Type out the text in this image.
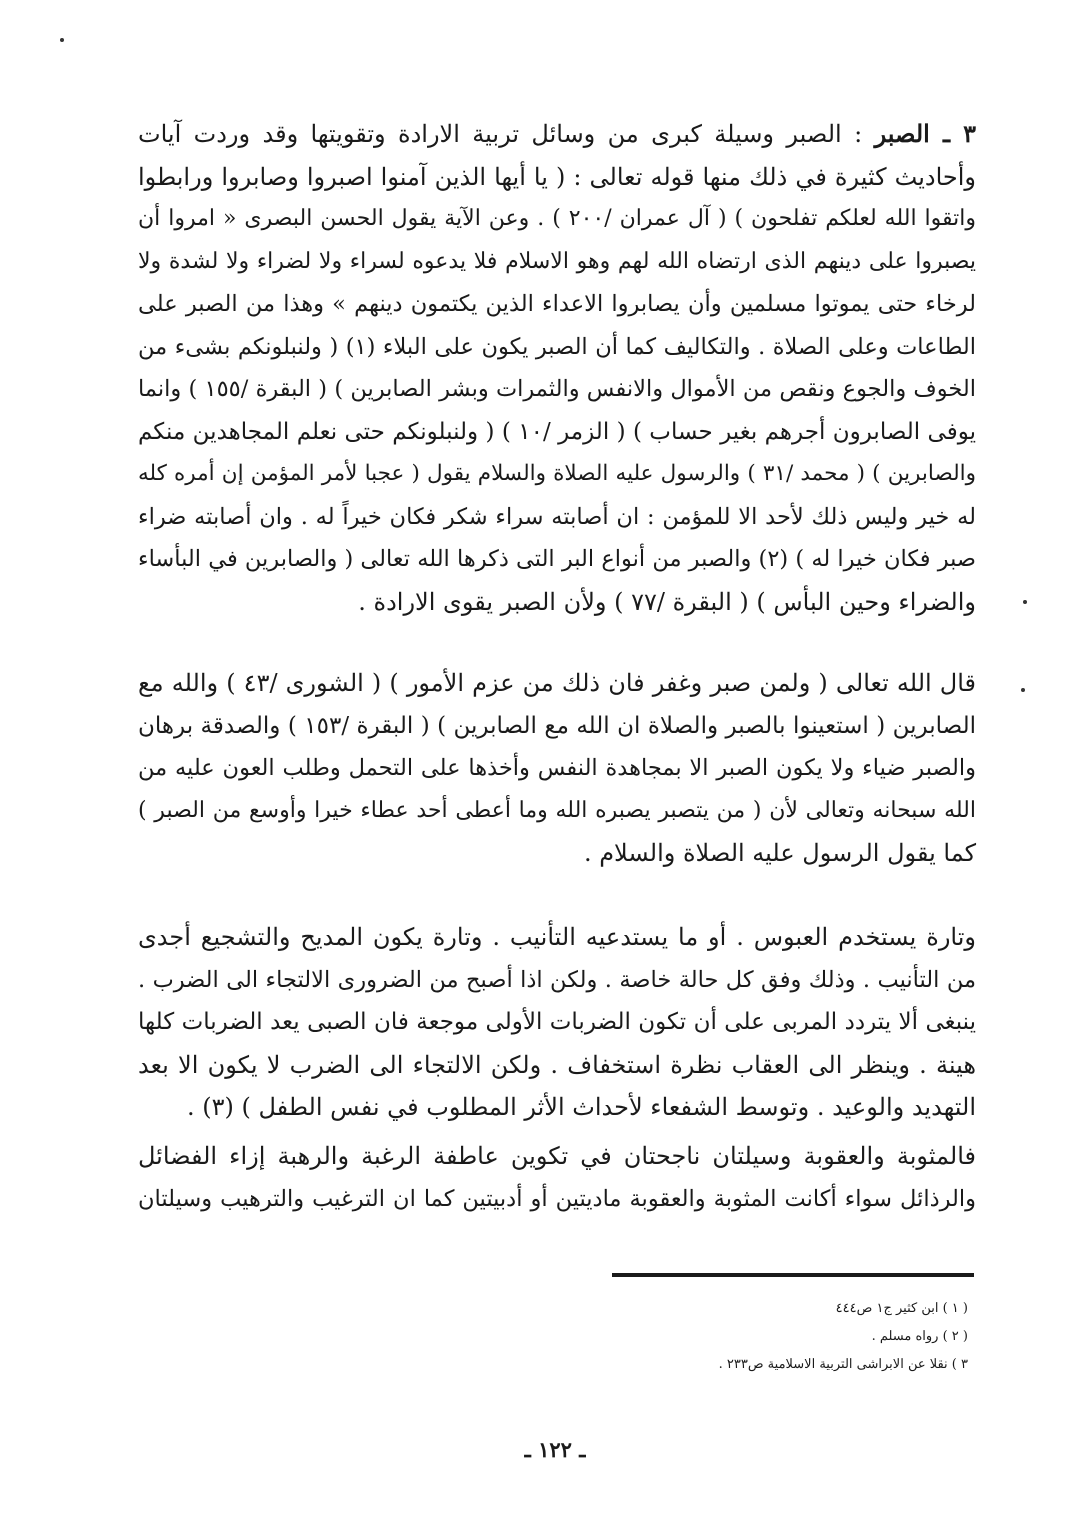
٣ ـ الصبر : الصبر وسيلة كبرى من وسائل تربية الارادة وتقويتها وقد وردت آيات
وأحاديث كثيرة في ذلك منها قوله تعالى : ( يا أيها الذين آمنوا اصبروا وصابروا ورابطوا
واتقوا الله لعلكم تفلحون ) ( آل عمران /٢٠٠ ) . وعن الآية يقول الحسن البصرى « امروا أن
يصبروا على دينهم الذى ارتضاه الله لهم وهو الاسلام فلا يدعوه لسراء ولا لضراء ولا لشدة ولا
لرخاء حتى يموتوا مسلمين وأن يصابروا الاعداء الذين يكتمون دينهم » وهذا من الصبر على
الطاعات وعلى الصلاة . والتكاليف كما أن الصبر يكون على البلاء (١) ( ولنبلونكم بشىء من
الخوف والجوع ونقص من الأموال والانفس والثمرات وبشر الصابرين ) ( البقرة /١٥٥ ) وانما
يوفى الصابرون أجرهم بغير حساب ) ( الزمر /١٠ ) ( ولنبلونكم حتى نعلم المجاهدين منكم
والصابرين ) ( محمد /٣١ ) والرسول عليه الصلاة والسلام يقول ( عجبا لأمر المؤمن إن أمره كله
له خير وليس ذلك لأحد الا للمؤمن : ان أصابته سراء شكر فكان خيراً له . وان أصابته ضراء
صبر فكان خيرا له ) (٢) والصبر من أنواع البر التى ذكرها الله تعالى ( والصابرين في البأساء
والضراء وحين البأس ) ( البقرة /٧٧ ) ولأن الصبر يقوى الارادة .
قال الله تعالى ( ولمن صبر وغفر فان ذلك من عزم الأمور ) ( الشورى /٤٣ ) والله مع
الصابرين ( استعينوا بالصبر والصلاة ان الله مع الصابرين ) ( البقرة /١٥٣ ) والصدقة برهان
والصبر ضياء ولا يكون الصبر الا بمجاهدة النفس وأخذها على التحمل وطلب العون عليه من
الله سبحانه وتعالى لأن ( من يتصبر يصبره الله وما أعطى أحد عطاء خيرا وأوسع من الصبر )
كما يقول الرسول عليه الصلاة والسلام .
وتارة يستخدم العبوس . أو ما يستدعيه التأنيب . وتارة يكون المديح والتشجيع أجدى
من التأنيب . وذلك وفق كل حالة خاصة . ولكن اذا أصبح من الضرورى الالتجاء الى الضرب .
ينبغى ألا يتردد المربى على أن تكون الضربات الأولى موجعة فان الصبى يعد الضربات كلها
هينة . وينظر الى العقاب نظرة استخفاف . ولكن الالتجاء الى الضرب لا يكون الا بعد
التهديد والوعيد . وتوسط الشفعاء لأحداث الأثر المطلوب في نفس الطفل ) (٣) .
فالمثوبة والعقوبة وسيلتان ناجحتان في تكوين عاطفة الرغبة والرهبة إزاء الفضائل
والرذائل سواء أكانت المثوبة والعقوبة ماديتين أو أدبيتين كما ان الترغيب والترهيب وسيلتان
( ١ ) ابن كثير ج١ ص٤٤٤
( ٢ ) رواه مسلم .
٣ ) نقلا عن الابراشى التربية الاسلامية ص٢٣٣ .
ـ ١٢٢ ـ
